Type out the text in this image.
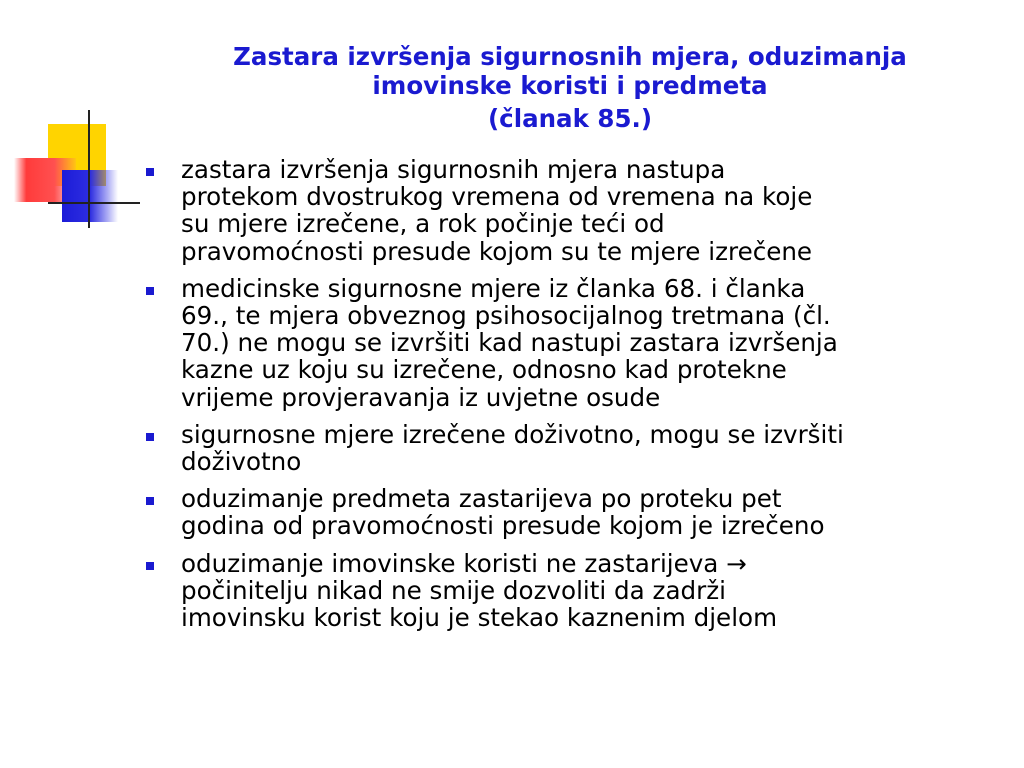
Zastara izvršenja sigurnosnih mjera, oduzimanja
imovinske koristi i predmeta
(članak 85.)
zastara izvršenja sigurnosnih mjera nastupa
protekom dvostrukog vremena od vremena na koje
su mjere izrečene, a rok počinje teći od
pravomoćnosti presude kojom su te mjere izrečene
medicinske sigurnosne mjere iz članka 68. i članka
69., te mjera obveznog psihosocijalnog tretmana (čl.
70.) ne mogu se izvršiti kad nastupi zastara izvršenja
kazne uz koju su izrečene, odnosno kad protekne
vrijeme provjeravanja iz uvjetne osude
sigurnosne mjere izrečene doživotno, mogu se izvršiti
doživotno
oduzimanje predmeta zastarijeva po proteku pet
godina od pravomoćnosti presude kojom je izrečeno
oduzimanje imovinske koristi ne zastarijeva →
počinitelju nikad ne smije dozvoliti da zadrži
imovinsku korist koju je stekao kaznenim djelom
